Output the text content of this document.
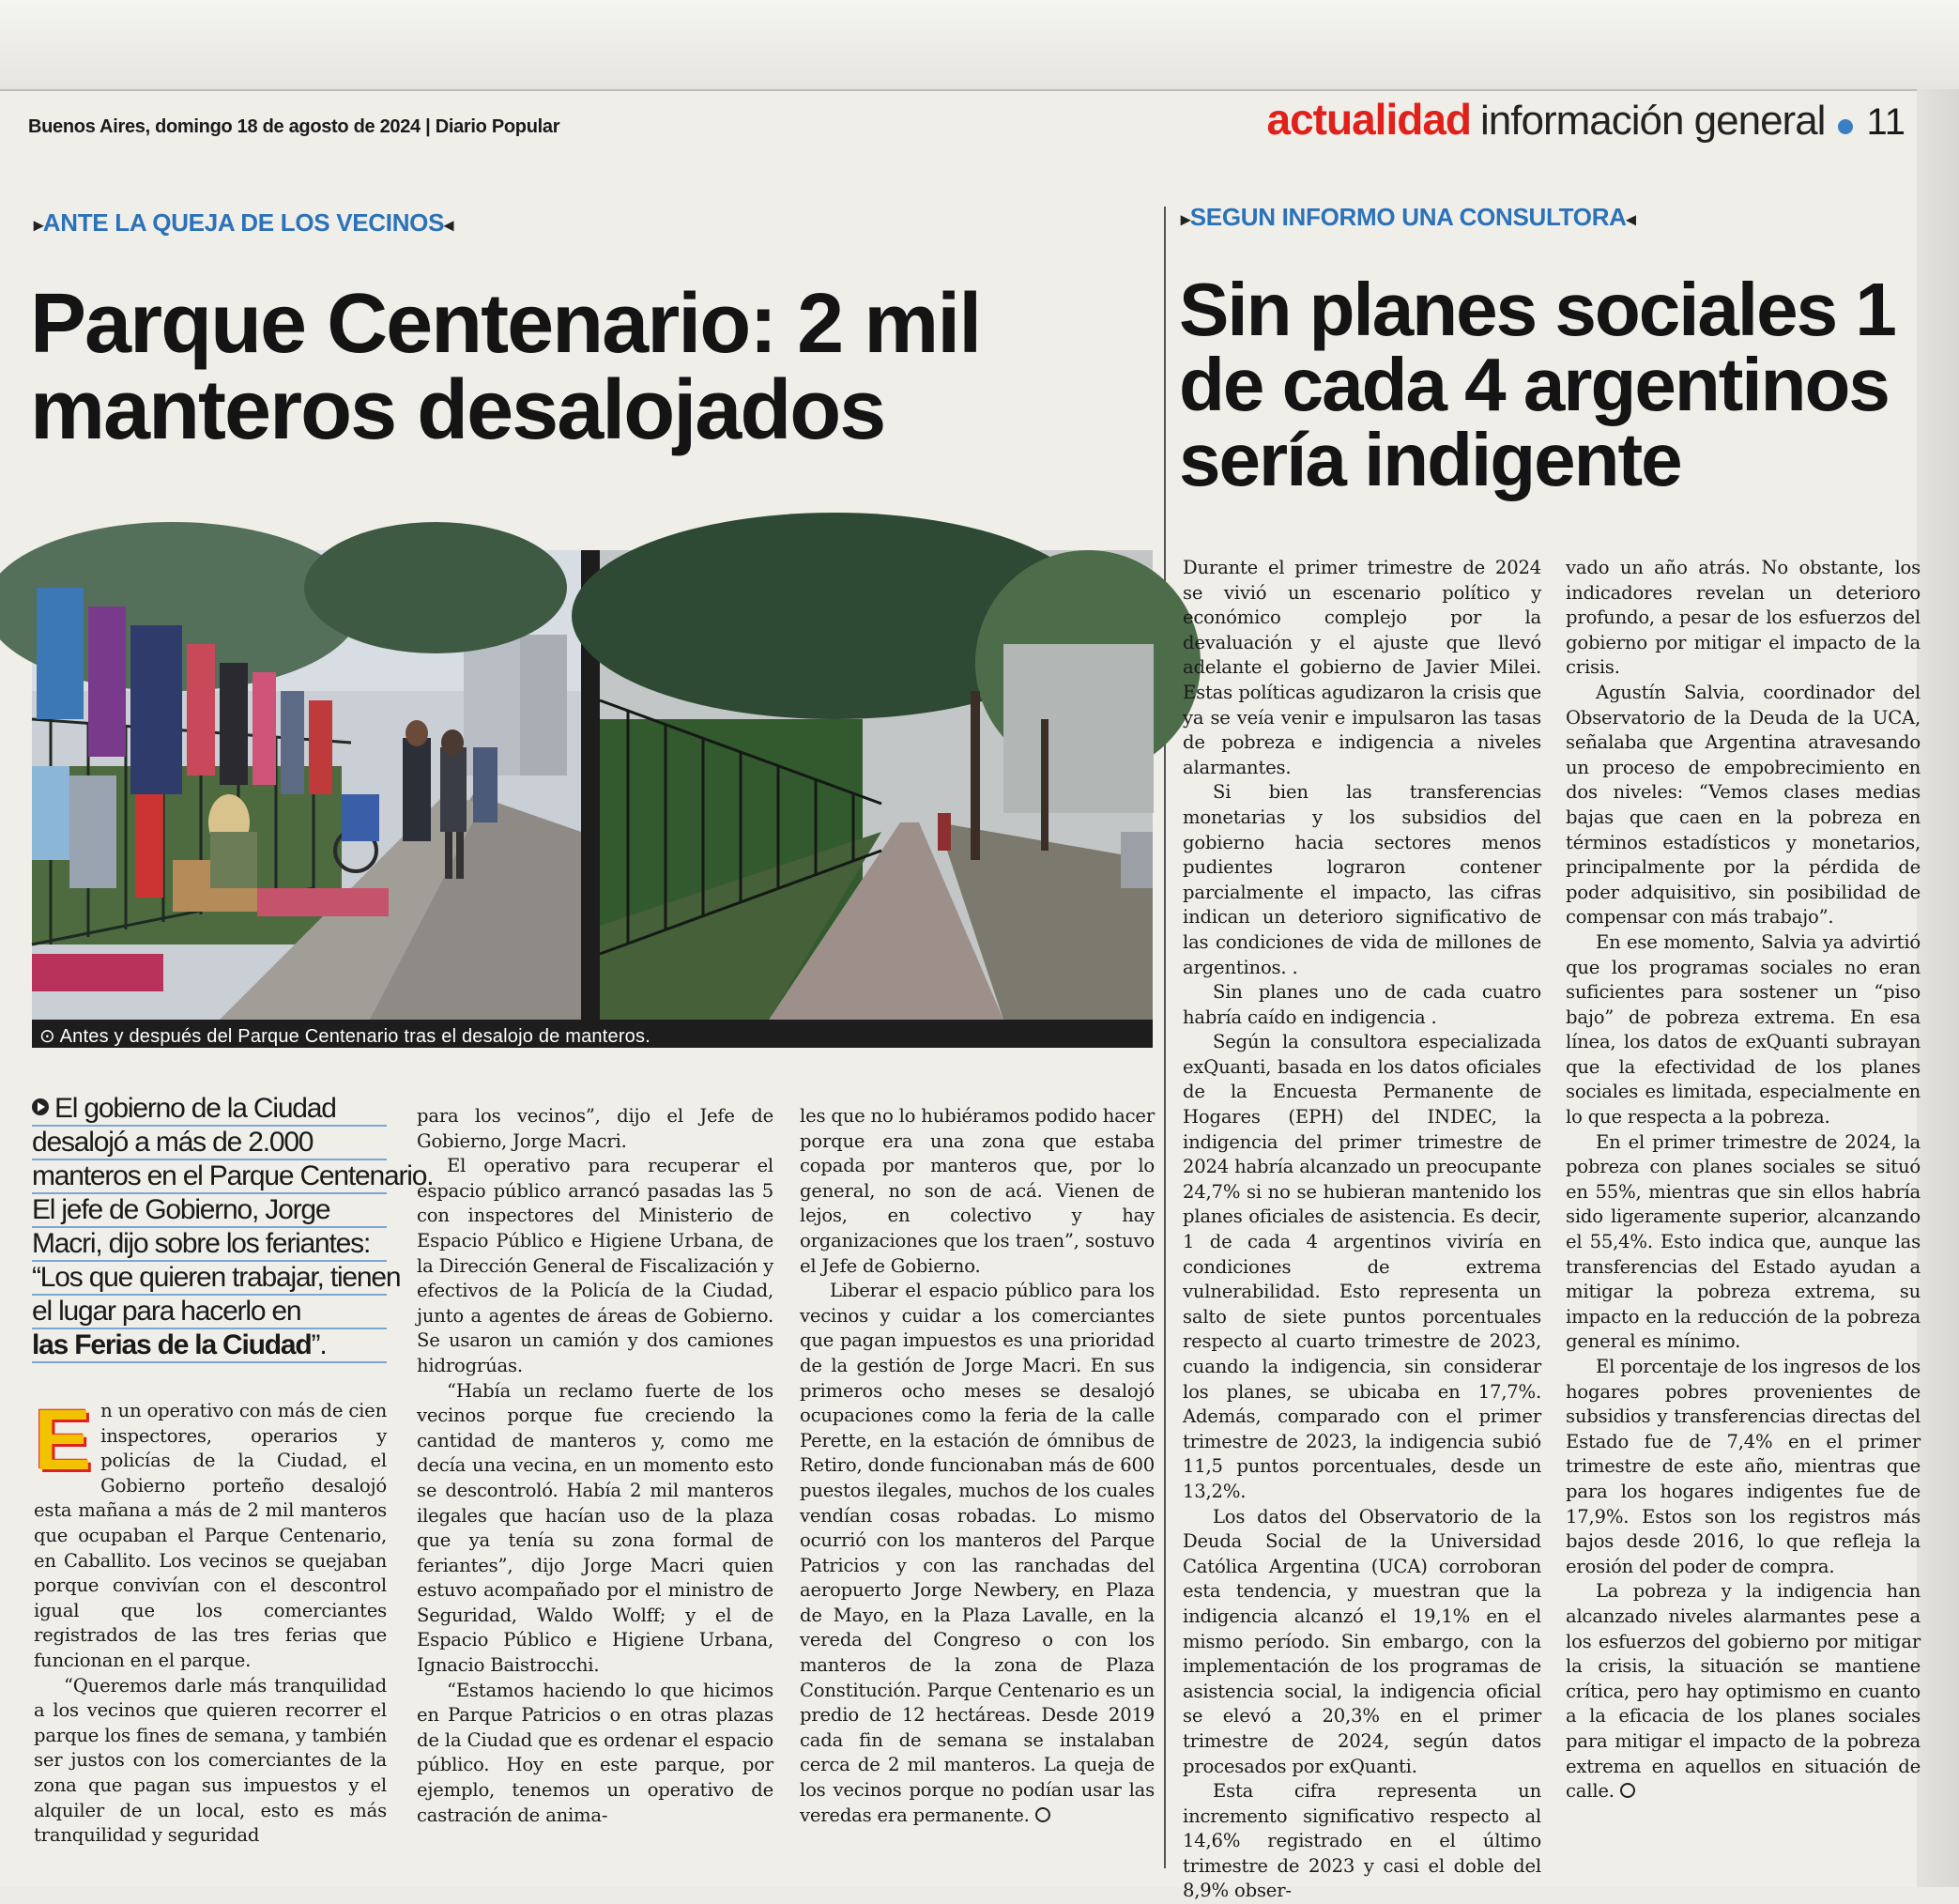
Buenos Aires, domingo 18 de agosto de 2024 | Diario Popular	actualidad información general 11
▸ANTE LA QUEJA DE LOS VECINOS◂
Parque Centenario: 2 mil
manteros desalojados
⊙ Antes y después del Parque Centenario tras el desalojo de manteros.
El gobierno de la Ciudad
desalojó a más de 2.000
manteros en el Parque Centenario.
El jefe de Gobierno, Jorge
Macri, dijo sobre los feriantes:
“Los que quieren trabajar, tienen
el lugar para hacerlo en
las Ferias de la Ciudad”.

En un operativo con más de cien inspectores, operarios y policías de la Ciudad, el Gobierno porteño desalojó esta mañana a más de 2 mil manteros que ocupaban el Parque Centenario, en Caballito. Los vecinos se quejaban porque convivían con el descontrol igual que los comerciantes registrados de las tres ferias que funcionan en el parque.

“Queremos darle más tranquilidad a los vecinos que quieren recorrer el parque los fines de semana, y también ser justos con los comerciantes de la zona que pagan sus impuestos y el alquiler de un local, esto es más tranquilidad y seguridad

para los vecinos”, dijo el Jefe de Gobierno, Jorge Macri.

El operativo para recuperar el espacio público arrancó pasadas las 5 con inspectores del Ministerio de Espacio Público e Higiene Urbana, de la Dirección General de Fiscalización y efectivos de la Policía de la Ciudad, junto a agentes de áreas de Gobierno. Se usaron un camión y dos camiones hidrogrúas.

“Había un reclamo fuerte de los vecinos porque fue creciendo la cantidad de manteros y, como me decía una vecina, en un momento esto se descontroló. Había 2 mil manteros ilegales que hacían uso de la plaza que ya tenía su zona formal de feriantes”, dijo Jorge Macri quien estuvo acompañado por el ministro de Seguridad, Waldo Wolff; y el de Espacio Público e Higiene Urbana, Ignacio Baistrocchi.

“Estamos haciendo lo que hicimos en Parque Patricios o en otras plazas de la Ciudad que es ordenar el espacio público. Hoy en este parque, por ejemplo, tenemos un operativo de castración de anima-

les que no lo hubiéramos podido hacer porque era una zona que estaba copada por manteros que, por lo general, no son de acá. Vienen de lejos, en colectivo y hay organizaciones que los traen”, sostuvo el Jefe de Gobierno.

Liberar el espacio público para los vecinos y cuidar a los comerciantes que pagan impuestos es una prioridad de la gestión de Jorge Macri. En sus primeros ocho meses se desalojó ocupaciones como la feria de la calle Perette, en la estación de ómnibus de Retiro, donde funcionaban más de 600 puestos ilegales, muchos de los cuales vendían cosas robadas. Lo mismo ocurrió con los manteros del Parque Patricios y con las ranchadas del aeropuerto Jorge Newbery, en Plaza de Mayo, en la Plaza Lavalle, en la vereda del Congreso o con los manteros de la zona de Plaza Constitución. Parque Centenario es un predio de 12 hectáreas. Desde 2019 cada fin de semana se instalaban cerca de 2 mil manteros. La queja de los vecinos porque no podían usar las veredas era permanente.

▸SEGUN INFORMO UNA CONSULTORA◂
Sin planes sociales 1
de cada 4 argentinos
sería indigente

Durante el primer trimestre de 2024 se vivió un escenario político y económico complejo por la devaluación y el ajuste que llevó adelante el gobierno de Javier Milei. Estas políticas agudizaron la crisis que ya se veía venir e impulsaron las tasas de pobreza e indigencia a niveles alarmantes.

Si bien las transferencias monetarias y los subsidios del gobierno hacia sectores menos pudientes lograron contener parcialmente el impacto, las cifras indican un deterioro significativo de las condiciones de vida de millones de argentinos. .

Sin planes uno de cada cuatro habría caído en indigencia .

Según la consultora especializada exQuanti, basada en los datos oficiales de la Encuesta Permanente de Hogares (EPH) del INDEC, la indigencia del primer trimestre de 2024 habría alcanzado un preocupante 24,7% si no se hubieran mantenido los planes oficiales de asistencia. Es decir, 1 de cada 4 argentinos viviría en condiciones de extrema vulnerabilidad. Esto representa un salto de siete puntos porcentuales respecto al cuarto trimestre de 2023, cuando la indigencia, sin considerar los planes, se ubicaba en 17,7%. Además, comparado con el primer trimestre de 2023, la indigencia subió 11,5 puntos porcentuales, desde un 13,2%.

Los datos del Observatorio de la Deuda Social de la Universidad Católica Argentina (UCA) corroboran esta tendencia, y muestran que la indigencia alcanzó el 19,1% en el mismo período. Sin embargo, con la implementación de los programas de asistencia social, la indigencia oficial se elevó a 20,3% en el primer trimestre de 2024, según datos procesados por exQuanti.

Esta cifra representa un incremento significativo respecto al 14,6% registrado en el último trimestre de 2023 y casi el doble del 8,9% obser-

vado un año atrás. No obstante, los indicadores revelan un deterioro profundo, a pesar de los esfuerzos del gobierno por mitigar el impacto de la crisis.

Agustín Salvia, coordinador del Observatorio de la Deuda de la UCA, señalaba que Argentina atravesando un proceso de empobrecimiento en dos niveles: “Vemos clases medias bajas que caen en la pobreza en términos estadísticos y monetarios, principalmente por la pérdida de poder adquisitivo, sin posibilidad de compensar con más trabajo”.

En ese momento, Salvia ya advirtió que los programas sociales no eran suficientes para sostener un “piso bajo” de pobreza extrema. En esa línea, los datos de exQuanti subrayan que la efectividad de los planes sociales es limitada, especialmente en lo que respecta a la pobreza.

En el primer trimestre de 2024, la pobreza con planes sociales se situó en 55%, mientras que sin ellos habría sido ligeramente superior, alcanzando el 55,4%. Esto indica que, aunque las transferencias del Estado ayudan a mitigar la pobreza extrema, su impacto en la reducción de la pobreza general es mínimo.

El porcentaje de los ingresos de los hogares pobres provenientes de subsidios y transferencias directas del Estado fue de 7,4% en el primer trimestre de este año, mientras que para los hogares indigentes fue de 17,9%. Estos son los registros más bajos desde 2016, lo que refleja la erosión del poder de compra.

La pobreza y la indigencia han alcanzado niveles alarmantes pese a los esfuerzos del gobierno por mitigar la crisis, la situación se mantiene crítica, pero hay optimismo en cuanto a la eficacia de los planes sociales para mitigar el impacto de la pobreza extrema en aquellos en situación de calle.
